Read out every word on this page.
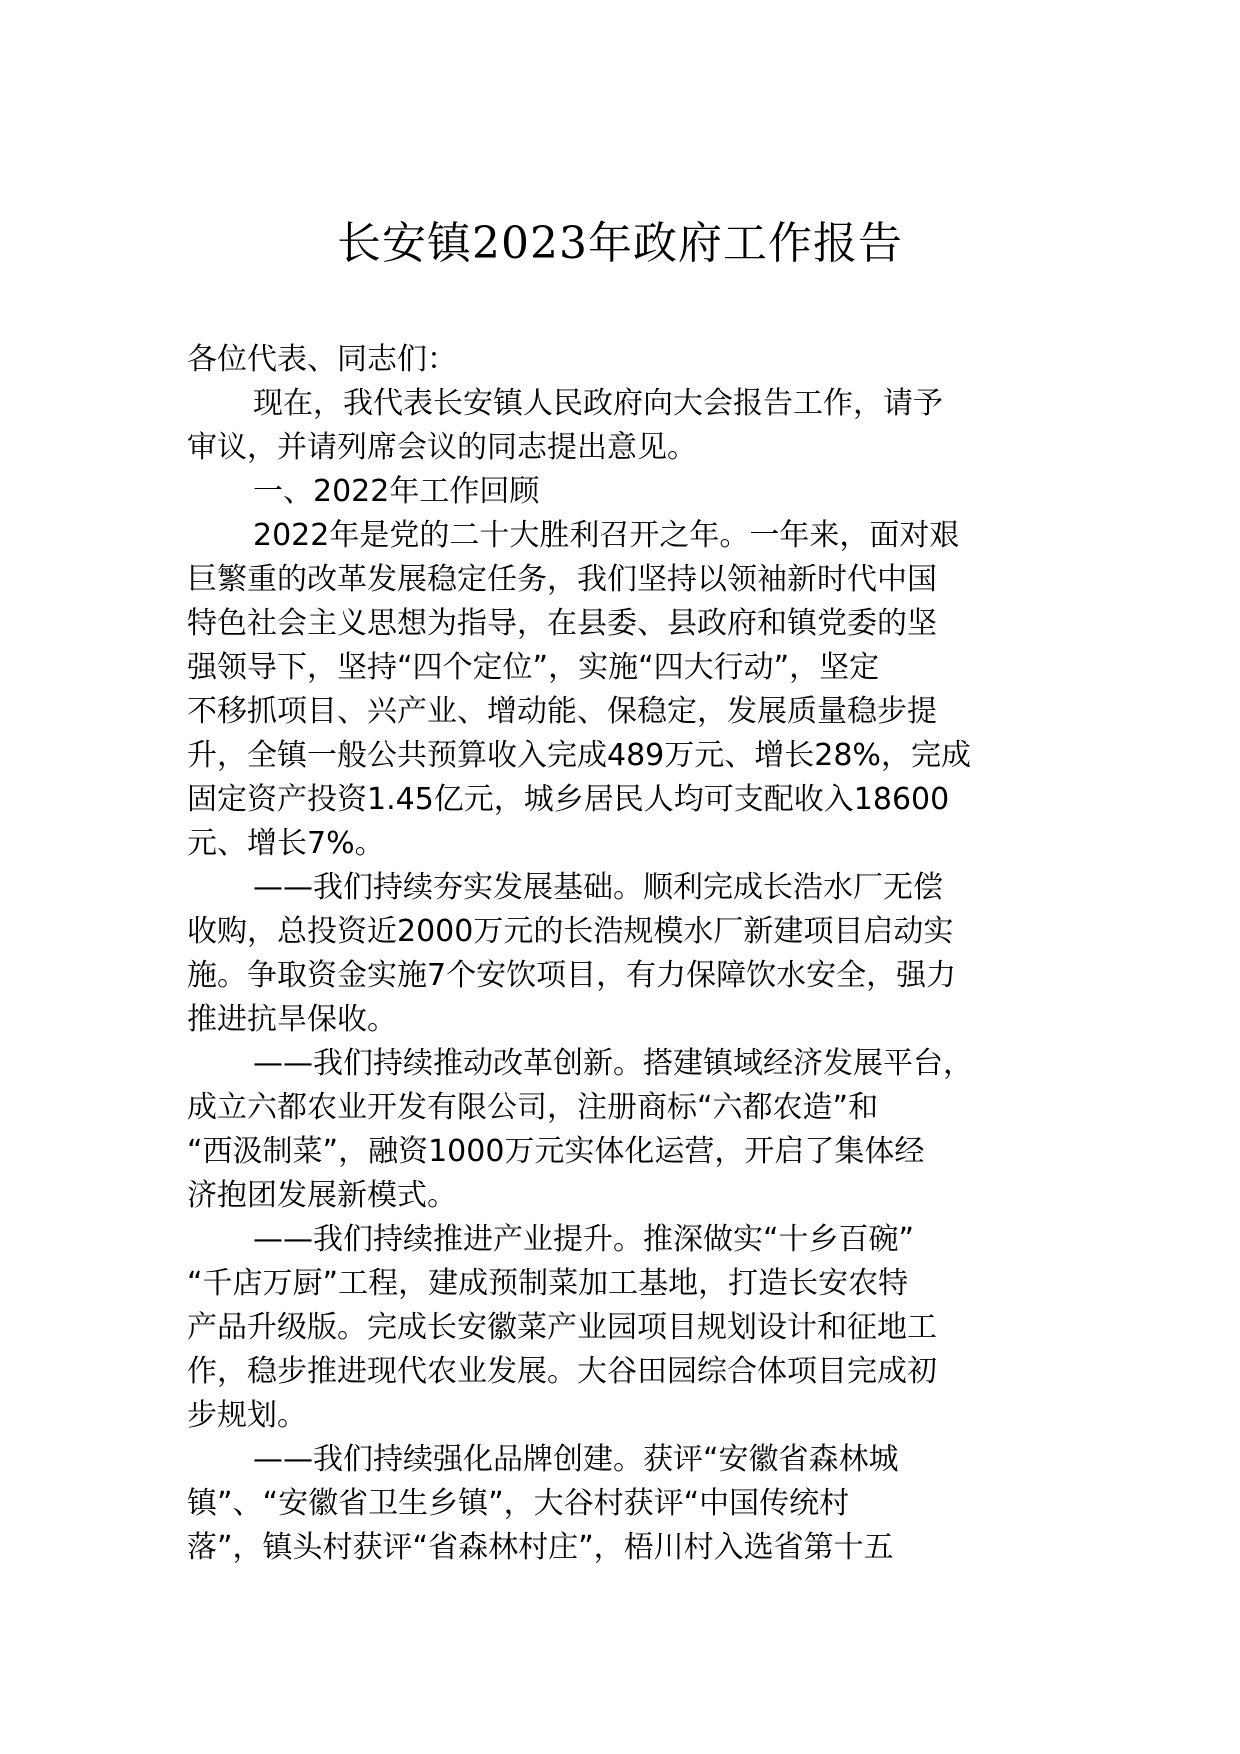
长安镇2023年政府工作报告

各位代表、同志们：

现在，我代表长安镇人民政府向大会报告工作，请予
审议，并请列席会议的同志提出意见。
一、2022年工作回顾
2022年是党的二十大胜利召开之年。一年来，面对艰
巨繁重的改革发展稳定任务，我们坚持以领袖新时代中国
特色社会主义思想为指导，在县委、县政府和镇党委的坚
强领导下，坚持“四个定位”，实施“四大行动”，坚定
不移抓项目、兴产业、增动能、保稳定，发展质量稳步提
升，全镇一般公共预算收入完成489万元、增长28%，完成
固定资产投资1.45亿元，城乡居民人均可支配收入18600
元、增长7%。
——我们持续夯实发展基础。顺利完成长浩水厂无偿
收购，总投资近2000万元的长浩规模水厂新建项目启动实
施。争取资金实施7个安饮项目，有力保障饮水安全，强力
推进抗旱保收。
——我们持续推动改革创新。搭建镇域经济发展平台，
成立六都农业开发有限公司，注册商标“六都农造”和
“西汲制菜”，融资1000万元实体化运营，开启了集体经
济抱团发展新模式。
——我们持续推进产业提升。推深做实“十乡百碗”
“千店万厨”工程，建成预制菜加工基地，打造长安农特
产品升级版。完成长安徽菜产业园项目规划设计和征地工
作，稳步推进现代农业发展。大谷田园综合体项目完成初
步规划。
——我们持续强化品牌创建。获评“安徽省森林城
镇”、“安徽省卫生乡镇”，大谷村获评“中国传统村
落”，镇头村获评“省森林村庄”，梧川村入选省第十五
